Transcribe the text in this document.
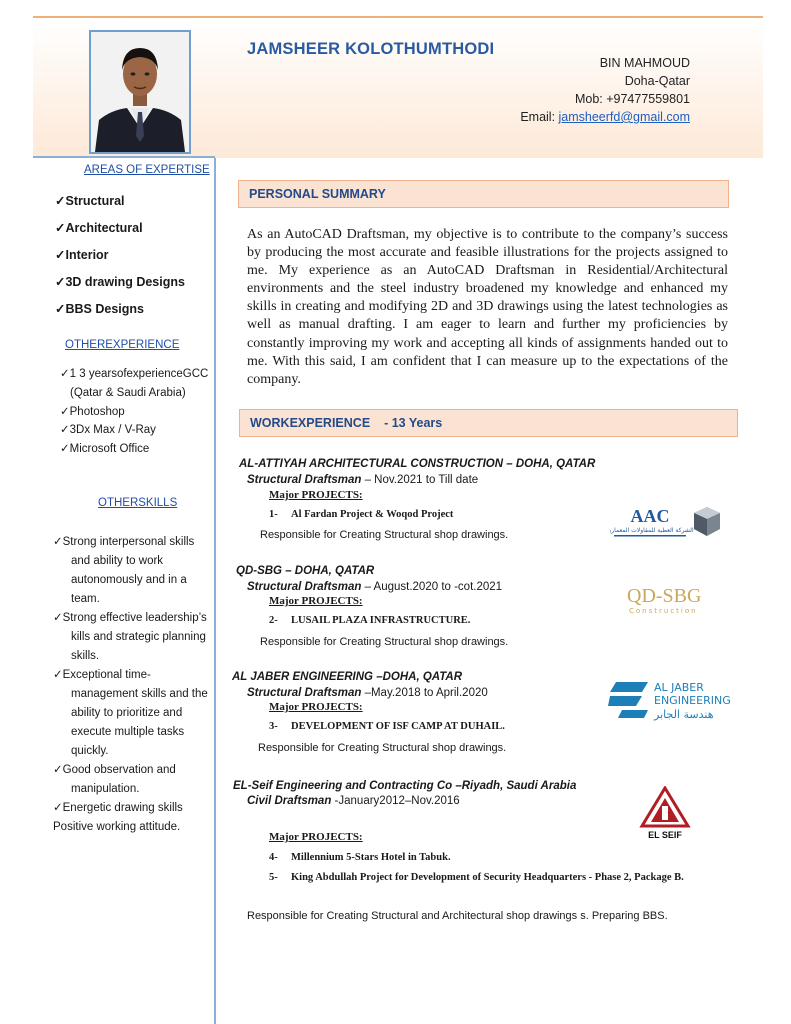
JAMSHEER KOLOTHUMTHODI
BIN MAHMOUD
Doha-Qatar
Mob: +97477559801
Email: jamsheerfd@gmail.com
AREAS OF EXPERTISE
✓Structural
✓Architectural
✓Interior
✓3D drawing Designs
✓BBS Designs
OTHEREXPERIENCE
✓1 3 yearsofexperienceGCC (Qatar & Saudi Arabia)
✓Photoshop
✓3Dx Max / V-Ray
✓Microsoft Office
OTHERSKILLS
✓Strong interpersonal skills and ability to work autonomously and in a team.
✓Strong effective leadership’s kills and strategic planning skills.
✓Exceptional time-management skills and the ability to prioritize and execute multiple tasks quickly.
✓Good observation and manipulation.
✓Energetic drawing skills
Positive working attitude.
PERSONAL SUMMARY
As an AutoCAD Draftsman, my objective is to contribute to the company’s success by producing the most accurate and feasible illustrations for the projects assigned to me. My experience as an AutoCAD Draftsman in Residential/Architectural environments and the steel industry broadened my knowledge and enhanced my skills in creating and modifying 2D and 3D drawings using the latest technologies as well as manual drafting. I am eager to learn and further my proficiencies by constantly improving my work and accepting all kinds of assignments handed out to me. With this said, I am confident that I can measure up to the expectations of the company.
WORKEXPERIENCE - 13 Years
AL-ATTIYAH ARCHITECTURAL CONSTRUCTION – DOHA, QATAR
Structural Draftsman – Nov.2021 to Till date
Major PROJECTS:
1- Al Fardan Project & Woqod Project
Responsible for Creating Structural shop drawings.
AAC
الشركة العطية للمقاولات المعمارية
QD-SBG – DOHA, QATAR
Structural Draftsman – August.2020 to -cot.2021
Major PROJECTS:
2- LUSAIL PLAZA INFRASTRUCTURE.
Responsible for Creating Structural shop drawings.
QD-SBG
Construction
AL JABER ENGINEERING –DOHA, QATAR
Structural Draftsman –May.2018 to April.2020
Major PROJECTS:
3- DEVELOPMENT OF ISF CAMP AT DUHAIL.
Responsible for Creating Structural shop drawings.
AL JABER
ENGINEERING
هندسة الجابر
EL-Seif Engineering and Contracting Co –Riyadh, Saudi Arabia
Civil Draftsman -January2012–Nov.2016
Major PROJECTS:
4- Millennium 5-Stars Hotel in Tabuk.
5- King Abdullah Project for Development of Security Headquarters - Phase 2, Package B.
Responsible for Creating Structural and Architectural shop drawings s. Preparing BBS.
EL SEIF
